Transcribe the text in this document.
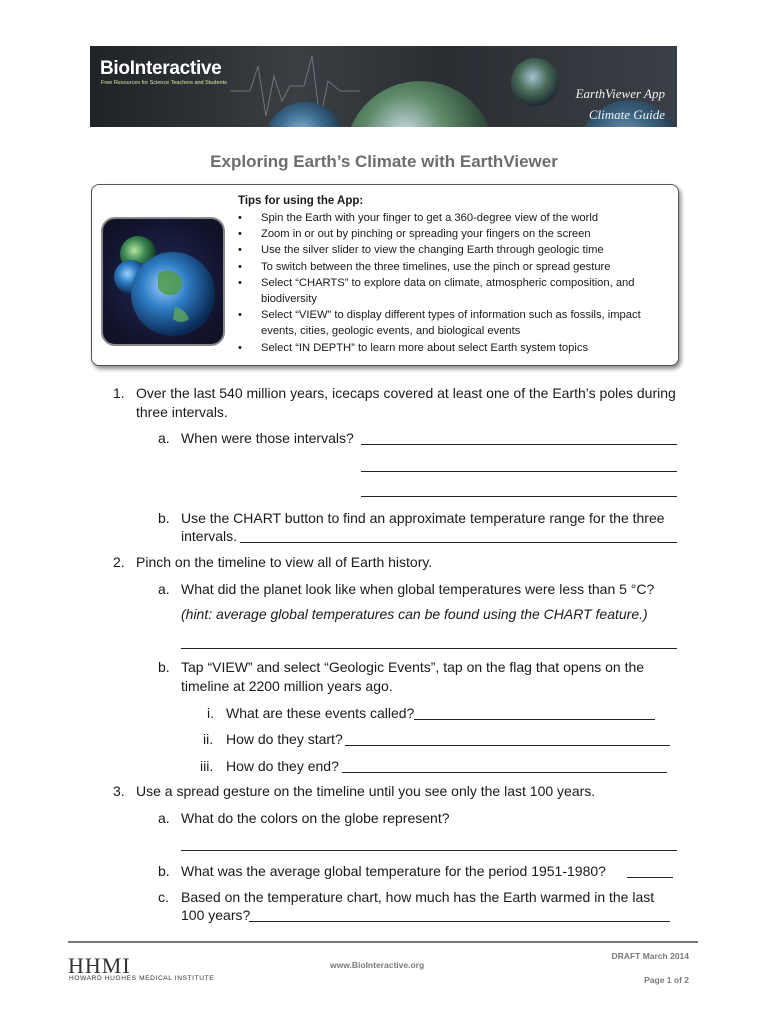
BioInteractive
Free Resources for Science Teachers and Students
EarthViewer App
Climate Guide
Exploring Earth’s Climate with EarthViewer
Tips for using the App:
• Spin the Earth with your finger to get a 360-degree view of the world
• Zoom in or out by pinching or spreading your fingers on the screen
• Use the silver slider to view the changing Earth through geologic time
• To switch between the three timelines, use the pinch or spread gesture
• Select “CHARTS” to explore data on climate, atmospheric composition, and biodiversity
• Select “VIEW” to display different types of information such as fossils, impact events, cities, geologic events, and biological events
• Select “IN DEPTH” to learn more about select Earth system topics
1. Over the last 540 million years, icecaps covered at least one of the Earth’s poles during
three intervals.
a. When were those intervals?
b. Use the CHART button to find an approximate temperature range for the three
intervals.
2. Pinch on the timeline to view all of Earth history.
a. What did the planet look like when global temperatures were less than 5 °C?
(hint: average global temperatures can be found using the CHART feature.)
b. Tap “VIEW” and select “Geologic Events”, tap on the flag that opens on the
timeline at 2200 million years ago.
i. What are these events called?
ii. How do they start?
iii. How do they end?
3. Use a spread gesture on the timeline until you see only the last 100 years.
a. What do the colors on the globe represent?
b. What was the average global temperature for the period 1951-1980?
c. Based on the temperature chart, how much has the Earth warmed in the last
100 years?
HHMI
HOWARD HUGHES MEDICAL INSTITUTE
www.BioInteractive.org
DRAFT March 2014
Page 1 of 2
